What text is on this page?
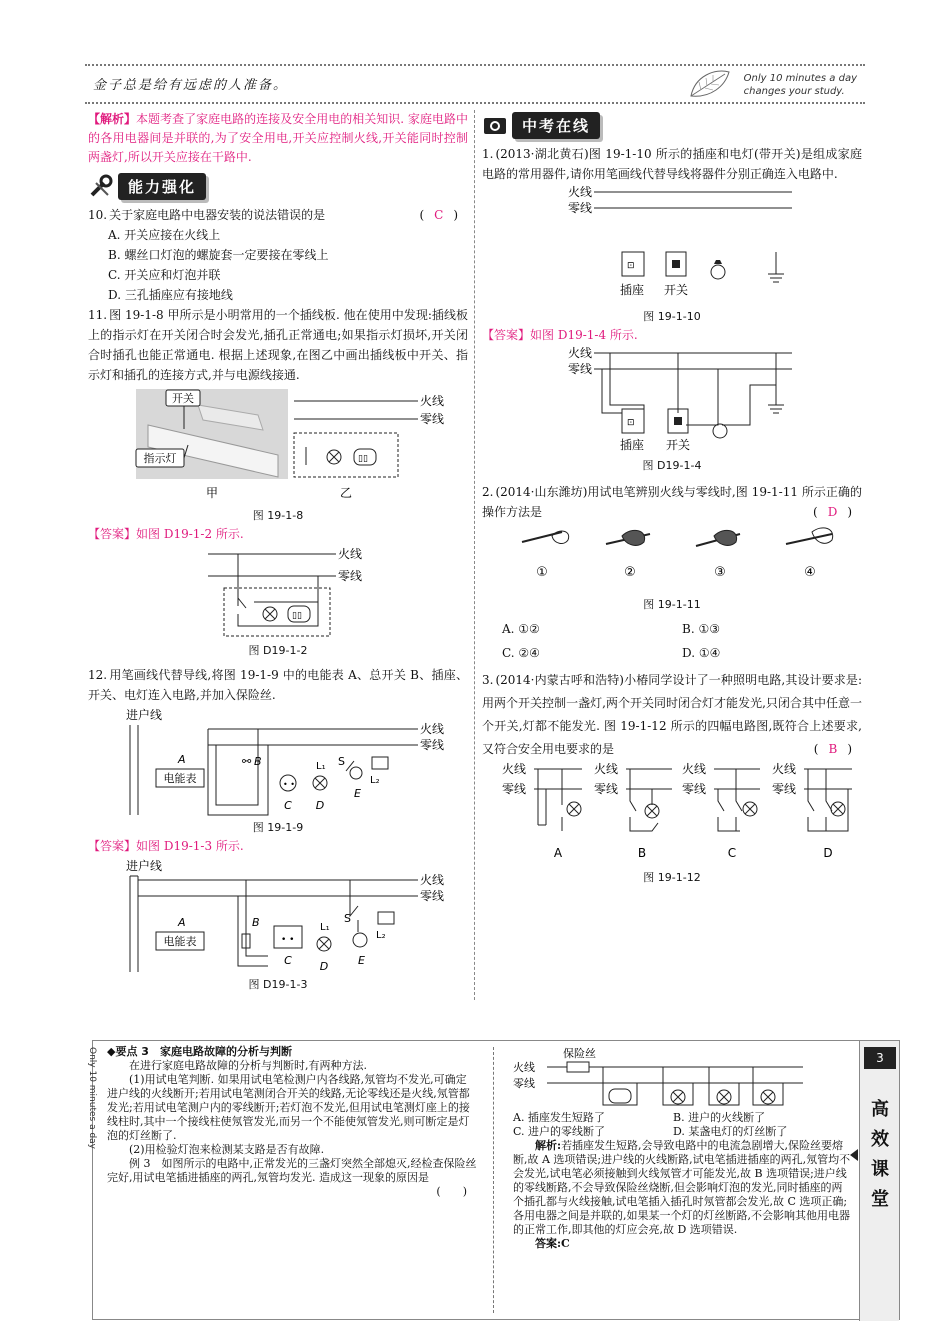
金子总是给有远虑的人准备。	Only 10 minutes a day
changes your study.
【解析】本题考查了家庭电路的连接及安全用电的相关知识. 家庭电路中的各用电器间是并联的,为了安全用电,开关应控制火线,开关能同时控制两盏灯,所以开关应接在干路中.
能力强化
10. 关于家庭电路中电器安装的说法错误的是	( C )
A. 开关应接在火线上
B. 螺丝口灯泡的螺旋套一定要接在零线上
C. 开关应和灯泡并联
D. 三孔插座应有接地线
11. 图 19-1-8 甲所示是小明常用的一个插线板. 他在使用中发现:插线板上的指示灯在开关闭合时会发光,插孔正常通电;如果指示灯损坏,开关闭合时插孔也能正常通电. 根据上述现象,在图乙中画出插线板中开关、指示灯和插孔的连接方式,并与电源线接通.
开关
指示灯
甲
火线
零线
▯▯
乙
图 19-1-8
【答案】如图 D19-1-2 所示.
火线
零线
▯▯
图 D19-1-2
12. 用笔画线代替导线,将图 19-1-9 中的电能表 A、总开关 B、插座、开关、电灯连入电路,并加入保险丝.
进户线
火线
零线
A
电能表
⚯ B
• •
C
L₁
D
S
E
L₂
图 19-1-9
【答案】如图 D19-1-3 所示.
进户线
火线
零线
A
电能表
B
• •
C
L₁
D
S
E
L₂
图 D19-1-3
中考在线
1. (2013·湖北黄石)图 19-1-10 所示的插座和电灯(带开关)是组成家庭电路的常用器件,请你用笔画线代替导线将器件分别正确连入电路中.
火线
零线
⊡
插座 开关
图 19-1-10
【答案】如图 D19-1-4 所示.
火线
零线
⊡
插座 开关
图 D19-1-4
2. (2014·山东潍坊)用试电笔辨别火线与零线时,图 19-1-11 所示正确的操作方法是	( D )
①	②	③	④
图 19-1-11
A. ①②	B. ①③
C. ②④	D. ①④
3. (2014·内蒙古呼和浩特)小椿同学设计了一种照明电路,其设计要求是:用两个开关控制一盏灯,两个开关同时闭合灯才能发光,只闭合其中任意一个开关,灯都不能发光. 图 19-1-12 所示的四幅电路图,既符合上述要求,又符合安全用电要求的是	( B )
火线
零线
A
火线
零线
B
火线
零线
C
火线
零线
D
图 19-1-12
Only 10 minutes a day ◆要点 3　家庭电路故障的分析与判断
在进行家庭电路故障的分析与判断时,有两种方法.
(1)用试电笔判断. 如果用试电笔检测户内各线路,氖管均不发光,可确定进户线的火线断开;若用试电笔测闭合开关的线路,无论零线还是火线,氖管都发光;若用试电笔测户内的零线断开;若灯泡不发光,但用试电笔测灯座上的接线柱时,其中一个接线柱使氖管发光,而另一个不能使氖管发光,则可断定是灯泡的灯丝断了.
(2)用检验灯泡来检测某支路是否有故障.
例 3　如图所示的电路中,正常发光的三盏灯突然全部熄灭,经检查保险丝完好,用试电笔插进插座的两孔,氖管均发光. 造成这一现象的原因是
(　　)
保险丝
火线
零线
A. 插座发生短路了	B. 进户的火线断了
C. 进户的零线断了	D. 某盏电灯的灯丝断了
解析:若插座发生短路,会导致电路中的电流急剧增大,保险丝要熔断,故 A 选项错误;进户线的火线断路,试电笔插进插座的两孔,氖管均不会发光,试电笔必须接触到火线氖管才可能发光,故 B 选项错误;进户线的零线断路,不会导致保险丝烧断,但会影响灯泡的发光,同时插座的两个插孔都与火线接触,试电笔插入插孔时氖管都会发光,故 C 选项正确;各用电器之间是并联的,如果某一个灯的灯丝断路,不会影响其他用电器的正常工作,即其他的灯应会亮,故 D 选项错误.
答案:C
3
高
效
课
堂
